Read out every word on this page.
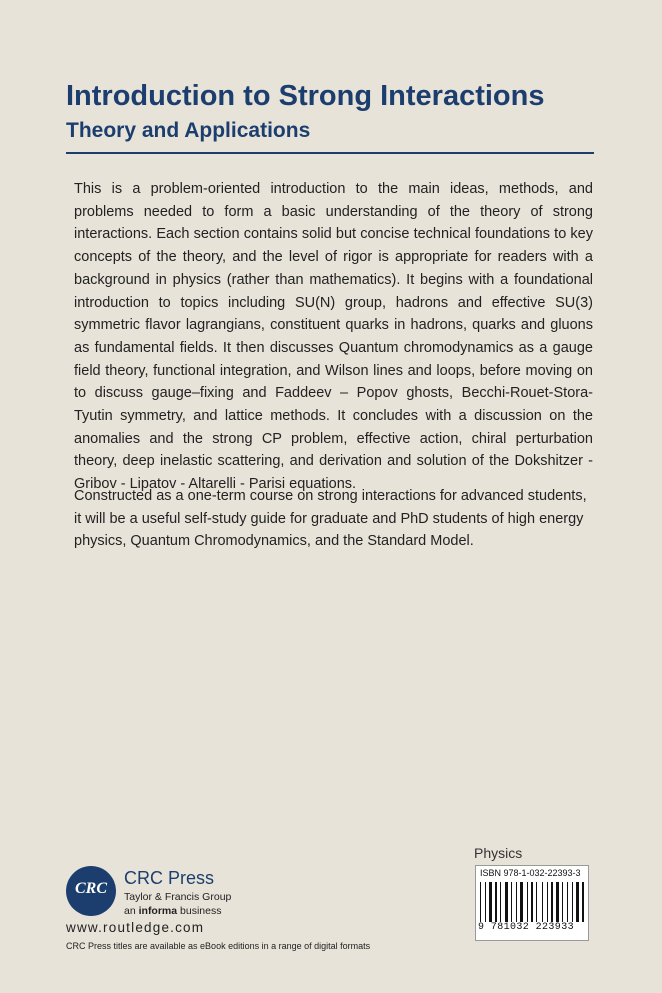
Introduction to Strong Interactions
Theory and Applications

This is a problem-oriented introduction to the main ideas, methods, and problems needed to form a basic understanding of the theory of strong interactions. Each section contains solid but concise technical foundations to key concepts of the theory, and the level of rigor is appropriate for readers with a background in physics (rather than mathematics). It begins with a foundational introduction to topics including SU(N) group, hadrons and effective SU(3) symmetric flavor lagrangians, constituent quarks in hadrons, quarks and gluons as fundamental fields. It then discusses Quantum chromodynamics as a gauge field theory, functional integration, and Wilson lines and loops, before moving on to discuss gauge–fixing and Faddeev – Popov ghosts, Becchi-Rouet-Stora-Tyutin symmetry, and lattice methods. It concludes with a discussion on the anomalies and the strong CP problem, effective action, chiral perturbation theory, deep inelastic scattering, and derivation and solution of the Dokshitzer - Gribov - Lipatov - Altarelli - Parisi equations.

Constructed as a one-term course on strong interactions for advanced students, it will be a useful self-study guide for graduate and PhD students of high energy physics, Quantum Chromodynamics, and the Standard Model.

Physics
ISBN 978-1-032-22393-3
9 781032 223933
CRC
CRC Press
Taylor & Francis Group
an informa business
www.routledge.com
CRC Press titles are available as eBook editions in a range of digital formats
